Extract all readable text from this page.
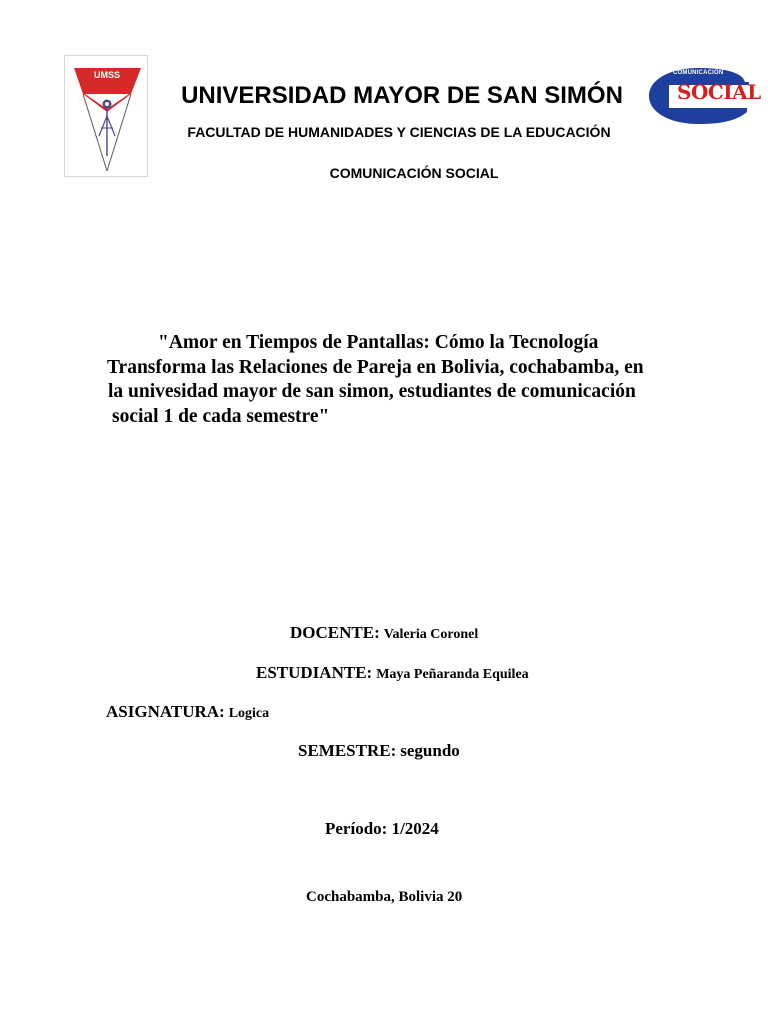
UMSS
UNIVERSIDAD MAYOR DE SAN SIMÓN
FACULTAD DE HUMANIDADES Y CIENCIAS DE LA EDUCACIÓN
COMUNICACIÓN SOCIAL
COMUNICACIÓN
SOCIAL
"Amor en Tiempos de Pantallas: Cómo la Tecnología
Transforma las Relaciones de Pareja en Bolivia, cochabamba, en
la univesidad mayor de san simon, estudiantes de comunicación
social 1 de cada semestre"
DOCENTE: Valeria Coronel
ESTUDIANTE: Maya Peñaranda Equilea
ASIGNATURA: Logica
SEMESTRE: segundo
Período: 1/2024
Cochabamba, Bolivia 20
